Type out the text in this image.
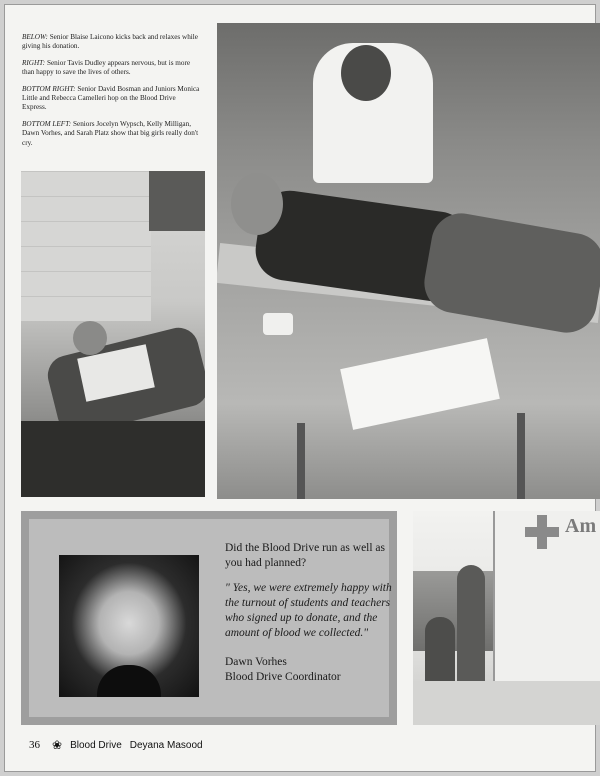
BELOW: Senior Blaise Laicono kicks back and relaxes while giving his donation.

RIGHT: Senior Tavis Dudley appears nervous, but is more than happy to save the lives of others.

BOTTOM RIGHT: Senior David Bosman and Juniors Monica Little and Rebecca Camelleri hop on the Blood Drive Express.

BOTTOM LEFT: Seniors Jocelyn Wypsch, Kelly Milligan, Dawn Vorhes, and Sarah Platz show that big girls really don't cry.

Did the Blood Drive run as well as you had planned?

" Yes, we were extremely happy with the turnout of students and teachers who signed up to donate, and the amount of blood we collected."

Dawn Vorhes

Blood Drive Coordinator

Am
36 ❀ Blood Drive Deyana Masood
